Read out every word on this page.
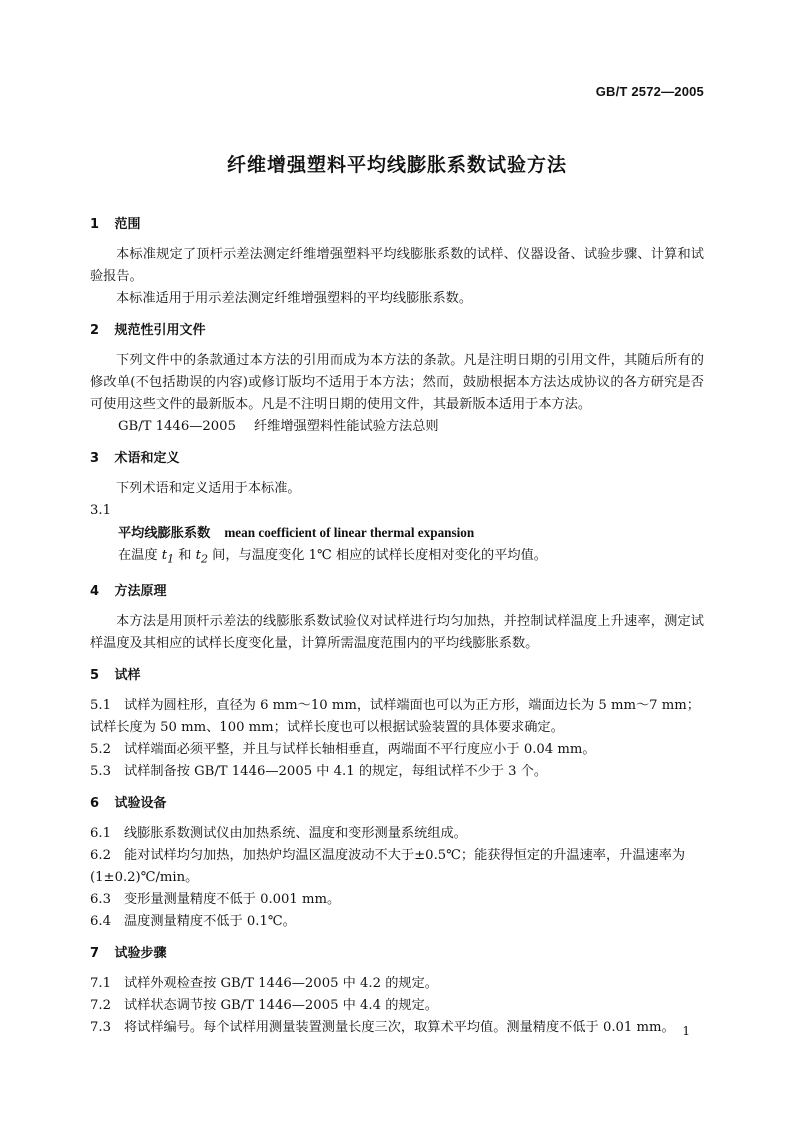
GB/T 2572—2005
纤维增强塑料平均线膨胀系数试验方法
1 范围
本标准规定了顶杆示差法测定纤维增强塑料平均线膨胀系数的试样、仪器设备、试验步骤、计算和试验报告。
本标准适用于用示差法测定纤维增强塑料的平均线膨胀系数。
2 规范性引用文件
下列文件中的条款通过本方法的引用而成为本方法的条款。凡是注明日期的引用文件，其随后所有的修改单(不包括勘误的内容)或修订版均不适用于本方法；然而，鼓励根据本方法达成协议的各方研究是否可使用这些文件的最新版本。凡是不注明日期的使用文件，其最新版本适用于本方法。
GB/T 1446—2005 纤维增强塑料性能试验方法总则
3 术语和定义
下列术语和定义适用于本标准。
3.1
平均线膨胀系数 mean coefficient of linear thermal expansion
在温度 $t_1$ 和 $t_2$ 间，与温度变化 1℃ 相应的试样长度相对变化的平均值。
4 方法原理
本方法是用顶杆示差法的线膨胀系数试验仪对试样进行均匀加热，并控制试样温度上升速率，测定试样温度及其相应的试样长度变化量，计算所需温度范围内的平均线膨胀系数。
5 试样
5.1 试样为圆柱形，直径为 6 mm～10 mm，试样端面也可以为正方形，端面边长为 5 mm～7 mm；试样长度为 50 mm、100 mm；试样长度也可以根据试验装置的具体要求确定。
5.2 试样端面必须平整，并且与试样长轴相垂直，两端面不平行度应小于 0.04 mm。
5.3 试样制备按 GB/T 1446—2005 中 4.1 的规定，每组试样不少于 3 个。
6 试验设备
6.1 线膨胀系数测试仪由加热系统、温度和变形测量系统组成。
6.2 能对试样均匀加热，加热炉均温区温度波动不大于±0.5℃；能获得恒定的升温速率，升温速率为(1±0.2)℃/min。
6.3 变形量测量精度不低于 0.001 mm。
6.4 温度测量精度不低于 0.1℃。
7 试验步骤
7.1 试样外观检查按 GB/T 1446—2005 中 4.2 的规定。
7.2 试样状态调节按 GB/T 1446—2005 中 4.4 的规定。
7.3 将试样编号。每个试样用测量装置测量长度三次，取算术平均值。测量精度不低于 0.01 mm。 1
